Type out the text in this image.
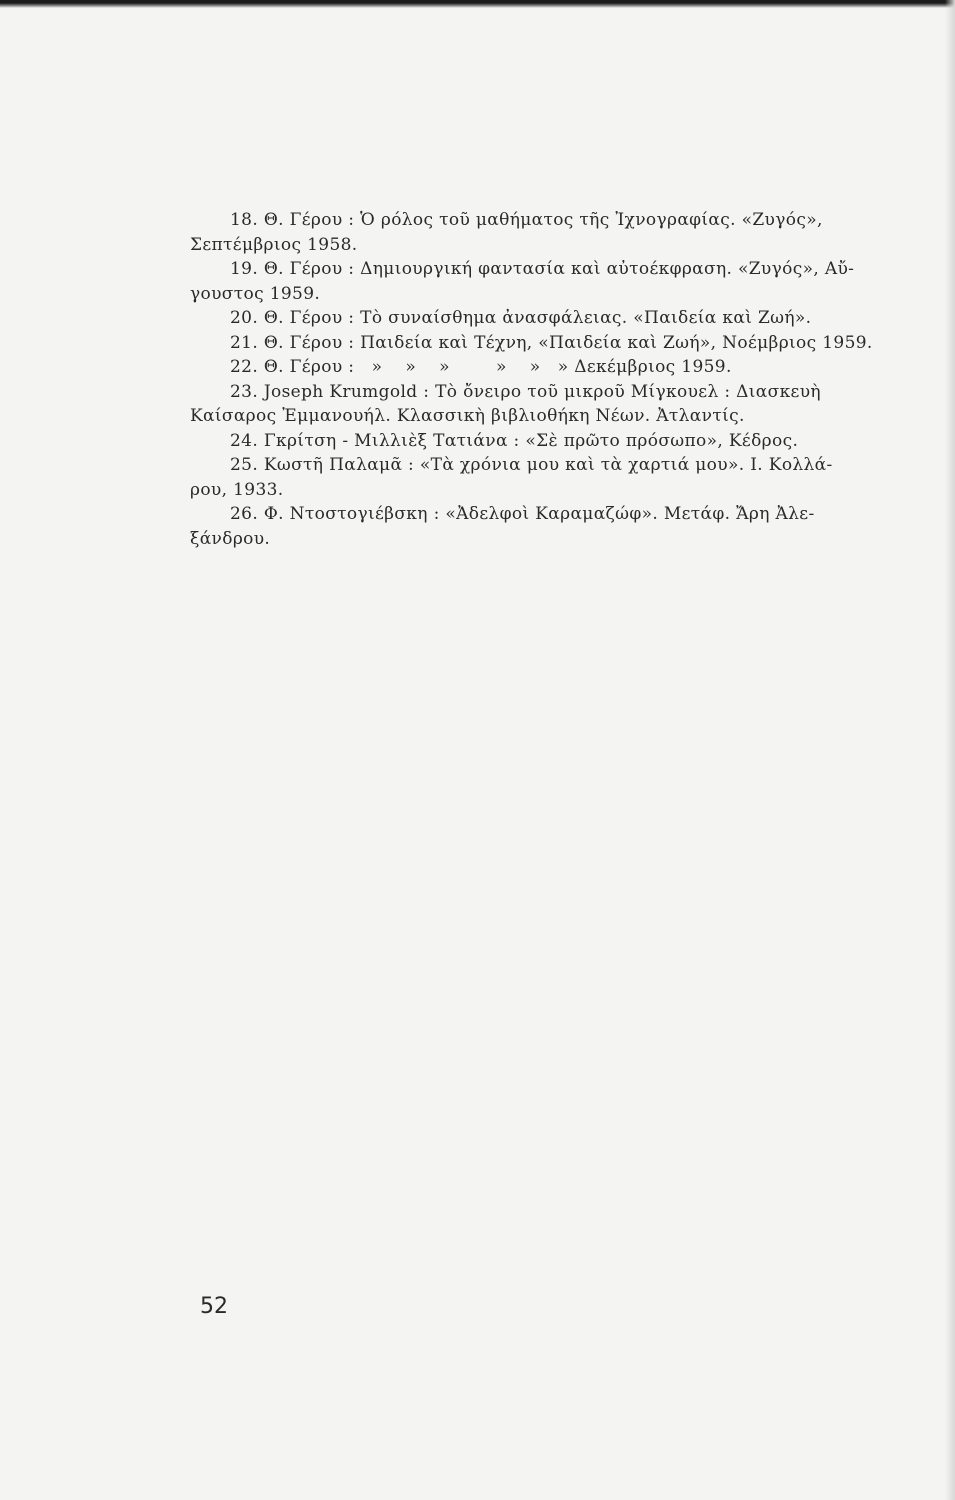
18. Θ. Γέρου : Ὁ ρόλος τοῦ μαθήματος τῆς Ἰχνογραφίας. «Ζυγός»,
Σεπτέμβριος 1958.
19. Θ. Γέρου : Δημιουργική φαντασία καὶ αὐτοέκφραση. «Ζυγός», Αὔ-
γουστος 1959.
20. Θ. Γέρου : Τὸ συναίσθημα ἀνασφάλειας. «Παιδεία καὶ Ζωή».
21. Θ. Γέρου : Παιδεία καὶ Τέχνη, «Παιδεία καὶ Ζωή», Νοέμβριος 1959.
22. Θ. Γέρου :   »    »    »        »    »   » Δεκέμβριος 1959.
23. Joseph Krumgold : Τὸ ὄνειρο τοῦ μικροῦ Μίγκουελ : Διασκευὴ
Καίσαρος Ἐμμανουήλ. Κλασσικὴ βιβλιοθήκη Νέων. Ἀτλαντίς.
24. Γκρίτση - Μιλλιὲξ Τατιάνα : «Σὲ πρῶτο πρόσωπο», Κέδρος.
25. Κωστῆ Παλαμᾶ : «Τὰ χρόνια μου καὶ τὰ χαρτιά μου». Ι. Κολλά-
ρου, 1933.
26. Φ. Ντοστογιέβσκη : «Ἀδελφοὶ Καραμαζώφ». Μετάφ. Ἄρη Ἀλε-
ξάνδρου.
52
